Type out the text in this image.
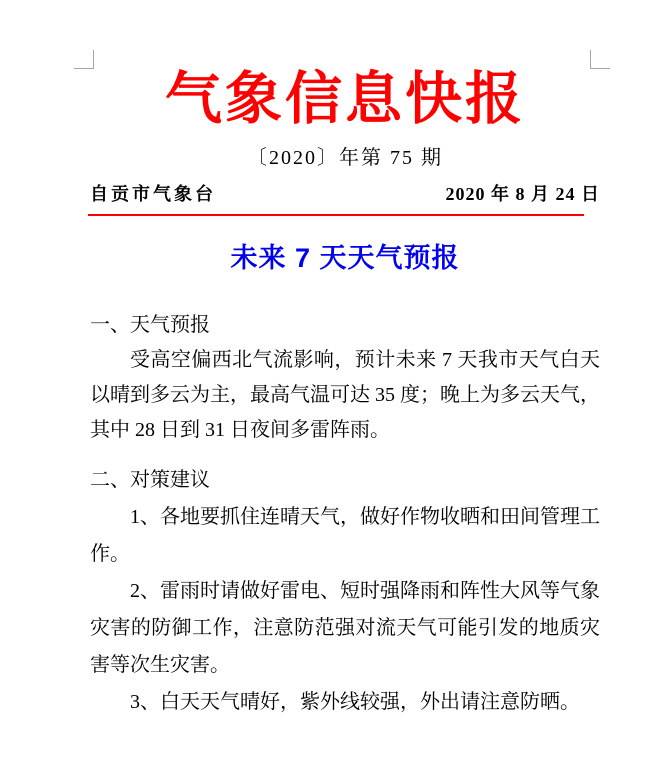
气象信息快报
〔2020〕年第 75 期
自贡市气象台	2020 年 8 月 24 日
未来 7 天天气预报
一、天气预报

受高空偏西北气流影响，预计未来 7 天我市天气白天以晴到多云为主，最高气温可达 35 度；晚上为多云天气，其中 28 日到 31 日夜间多雷阵雨。

二、对策建议

1、各地要抓住连晴天气，做好作物收晒和田间管理工作。

2、雷雨时请做好雷电、短时强降雨和阵性大风等气象灾害的防御工作，注意防范强对流天气可能引发的地质灾害等次生灾害。

3、白天天气晴好，紫外线较强，外出请注意防晒。
